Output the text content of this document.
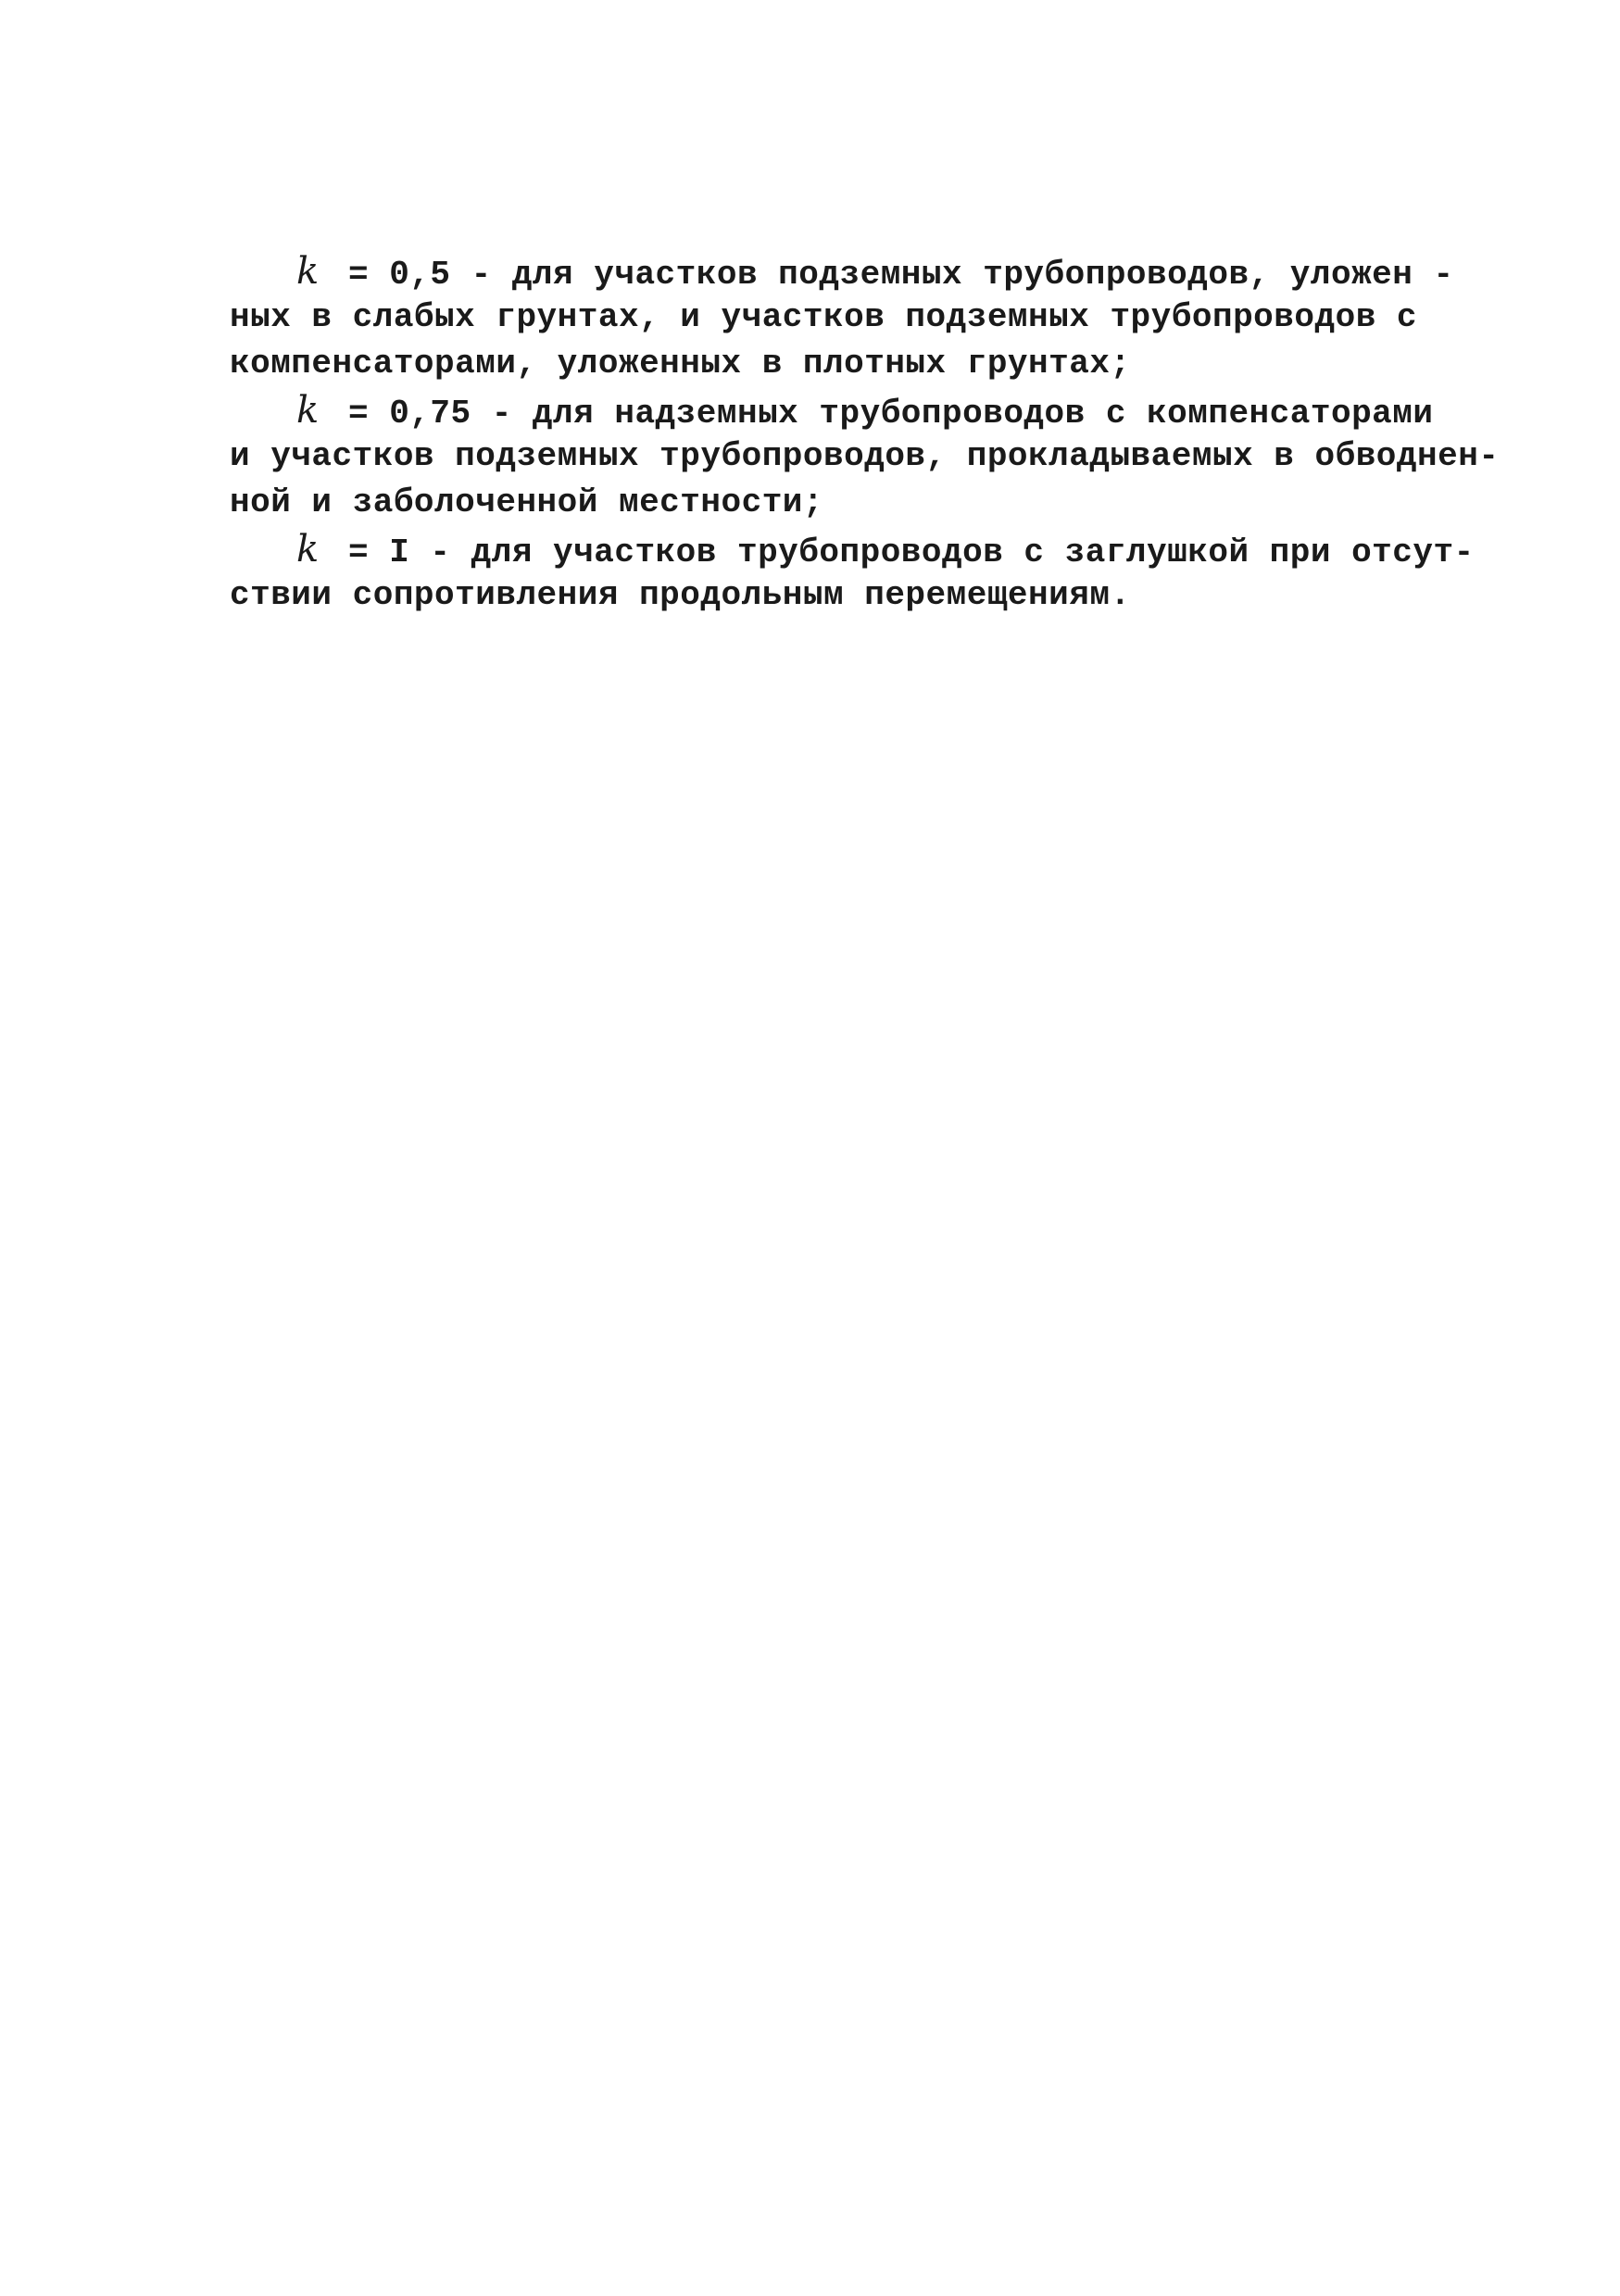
k = 0,5 - для участков подземных трубопроводов, уложен -
ных в слабых грунтах, и участков подземных трубопроводов с
компенсаторами, уложенных в плотных грунтах;
k = 0,75 - для надземных трубопроводов с компенсаторами
и участков подземных трубопроводов, прокладываемых в обводнен-
ной и заболоченной местности;
k = I - для участков трубопроводов с заглушкой при отсут-
ствии сопротивления продольным перемещениям.
